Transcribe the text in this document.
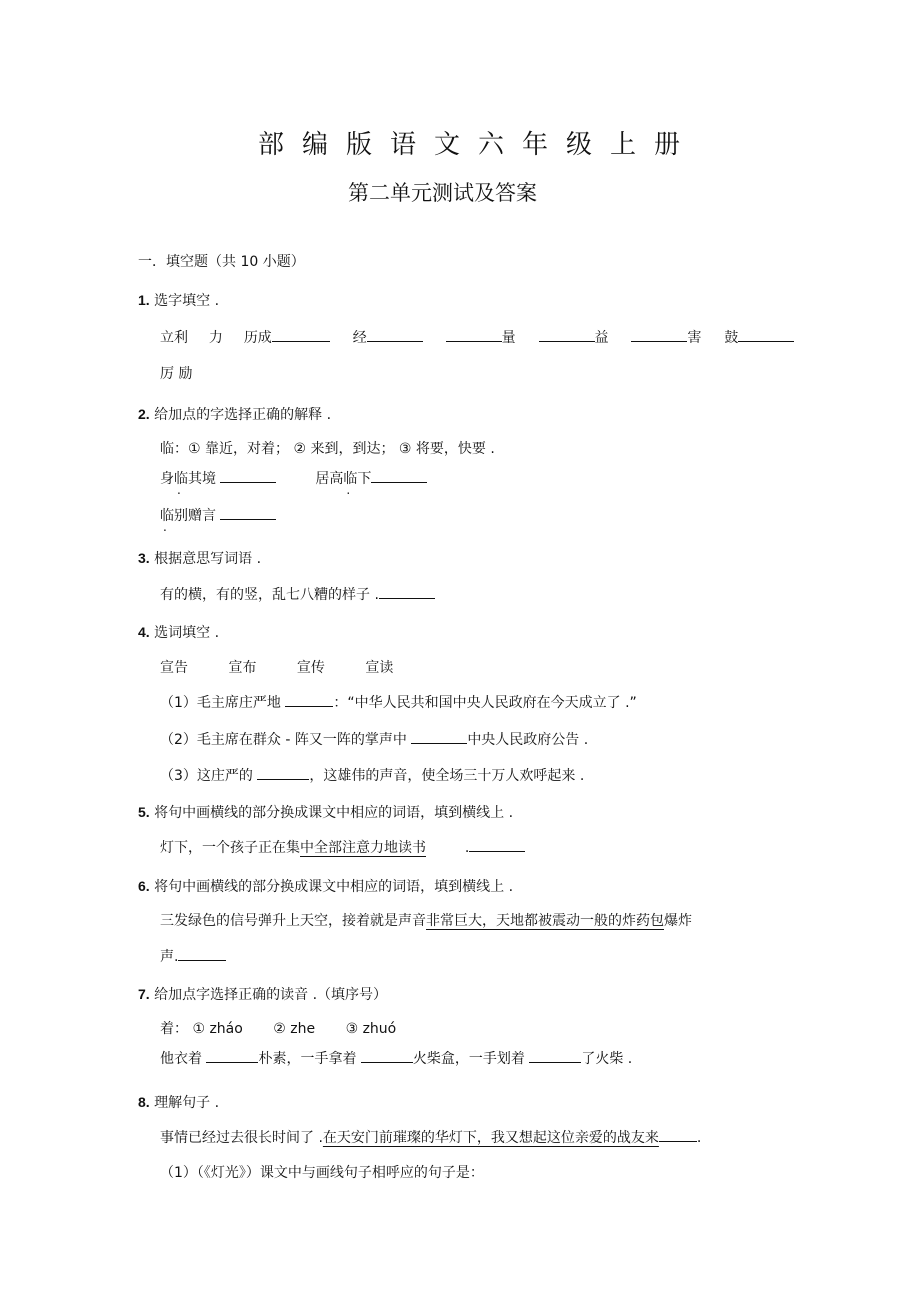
部编版语文六年级上册
第二单元测试及答案
一．填空题（共 10 小题）
1. 选字填空 .
立利 力 历成	经	量	益	害 鼓
厉 励
2. 给加点的字选择正确的解释 .
临：① 靠近，对着； ② 来到，到达； ③ 将要，快要 .
身临其境	居高临下
临别赠言
3. 根据意思写词语 .
有的横，有的竖，乱七八糟的样子 .
4. 选词填空 .
宣告	宣布	宣传	宣读
（1）毛主席庄严地	：“中华人民共和国中央人民政府在今天成立了 .”
（2）毛主席在群众 - 阵又一阵的掌声中	中央人民政府公告 .
（3）这庄严的	，这雄伟的声音，使全场三十万人欢呼起来 .
5. 将句中画横线的部分换成课文中相应的词语，填到横线上 .
灯下，一个孩子正在集中全部注意力地读书	.
6. 将句中画横线的部分换成课文中相应的词语，填到横线上 .
三发绿色的信号弹升上天空，接着就是声音非常巨大，天地都被震动一般的炸药包爆炸
声.
7. 给加点字选择正确的读音 .（填序号）
着： ① zháo ② zhe ③ zhuó
他衣着	朴素，一手拿着	火柴盒，一手划着	了火柴 .
8. 理解句子 .
事情已经过去很长时间了 .在天安门前璀璨的华灯下，我又想起这位亲爱的战友来	.
（1）（《灯光》）课文中与画线句子相呼应的句子是：
